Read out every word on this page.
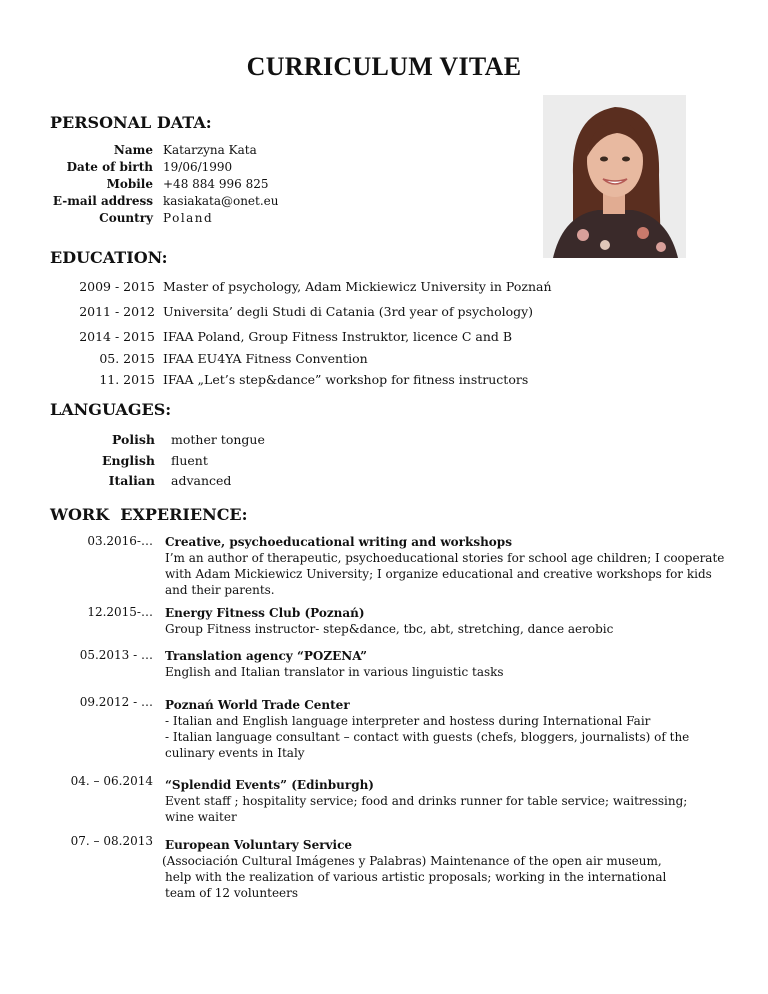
CURRICULUM VITAE
PERSONAL DATA:
Name Katarzyna Kata
Date of birth 19/06/1990
Mobile +48 884 996 825
E-mail address kasiakata@onet.eu
Country Poland
EDUCATION:
2009 - 2015 Master of psychology, Adam Mickiewicz University in Poznań
2011 - 2012 Universita’ degli Studi di Catania (3rd year of psychology)
2014 - 2015 IFAA Poland, Group Fitness Instruktor, licence C and B
05. 2015 IFAA EU4YA Fitness Convention
11. 2015 IFAA „Let’s step&dance” workshop for fitness instructors
LANGUAGES:
Polish mother tongue
English fluent
Italian advanced
WORK  EXPERIENCE:
03.2016-… Creative, psychoeducational writing and workshops
I’m an author of therapeutic, psychoeducational stories for school age children; I cooperate
with Adam Mickiewicz University; I organize educational and creative workshops for kids
and their parents.
12.2015-… Energy Fitness Club (Poznań)
Group Fitness instructor- step&dance, tbc, abt, stretching, dance aerobic
05.2013 - … Translation agency “POZENA”
English and Italian translator in various linguistic tasks
09.2012 - … Poznań World Trade Center
- Italian and English language interpreter and hostess during International Fair
- Italian language consultant – contact with guests (chefs, bloggers, journalists) of the
culinary events in Italy
04. – 06.2014 “Splendid Events” (Edinburgh)
Event staff ; hospitality service; food and drinks runner for table service; waitressing;
wine waiter
07. – 08.2013 European Voluntary Service
(Associación Cultural Imágenes y Palabras) Maintenance of the open air museum,
help with the realization of various artistic proposals; working in the international
team of 12 volunteers
